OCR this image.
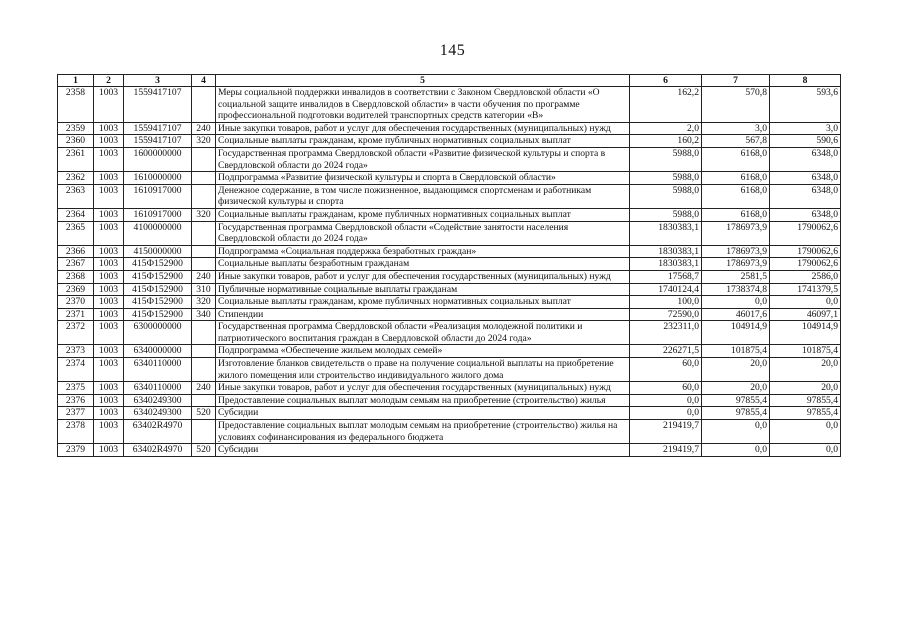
145
1	2	3	4	5	6	7	8
2358	1003	1559417107		Меры социальной поддержки инвалидов в соответствии с Законом Свердловской области «О социальной защите инвалидов в Свердловской области» в части обучения по программе профессиональной подготовки водителей транспортных средств категории «В»	162,2	570,8	593,6
2359	1003	1559417107	240	Иные закупки товаров, работ и услуг для обеспечения государственных (муниципальных) нужд	2,0	3,0	3,0
2360	1003	1559417107	320	Социальные выплаты гражданам, кроме публичных нормативных социальных выплат	160,2	567,8	590,6
2361	1003	1600000000		Государственная программа Свердловской области «Развитие физической культуры и спорта в Свердловской области до 2024 года»	5988,0	6168,0	6348,0
2362	1003	1610000000		Подпрограмма «Развитие физической культуры и спорта в Свердловской области»	5988,0	6168,0	6348,0
2363	1003	1610917000		Денежное содержание, в том числе пожизненное, выдающимся спортсменам и работникам физической культуры и спорта	5988,0	6168,0	6348,0
2364	1003	1610917000	320	Социальные выплаты гражданам, кроме публичных нормативных социальных выплат	5988,0	6168,0	6348,0
2365	1003	4100000000		Государственная программа Свердловской области «Содействие занятости населения Свердловской области до 2024 года»	1830383,1	1786973,9	1790062,6
2366	1003	4150000000		Подпрограмма «Социальная поддержка безработных граждан»	1830383,1	1786973,9	1790062,6
2367	1003	415Ф152900		Социальные выплаты безработным гражданам	1830383,1	1786973,9	1790062,6
2368	1003	415Ф152900	240	Иные закупки товаров, работ и услуг для обеспечения государственных (муниципальных) нужд	17568,7	2581,5	2586,0
2369	1003	415Ф152900	310	Публичные нормативные социальные выплаты гражданам	1740124,4	1738374,8	1741379,5
2370	1003	415Ф152900	320	Социальные выплаты гражданам, кроме публичных нормативных социальных выплат	100,0	0,0	0,0
2371	1003	415Ф152900	340	Стипендии	72590,0	46017,6	46097,1
2372	1003	6300000000		Государственная программа Свердловской области «Реализация молодежной политики и патриотического воспитания граждан в Свердловской области до 2024 года»	232311,0	104914,9	104914,9
2373	1003	6340000000		Подпрограмма «Обеспечение жильем молодых семей»	226271,5	101875,4	101875,4
2374	1003	6340110000		Изготовление бланков свидетельств о праве на получение социальной выплаты на приобретение жилого помещения или строительство индивидуального жилого дома	60,0	20,0	20,0
2375	1003	6340110000	240	Иные закупки товаров, работ и услуг для обеспечения государственных (муниципальных) нужд	60,0	20,0	20,0
2376	1003	6340249300		Предоставление социальных выплат молодым семьям на приобретение (строительство) жилья	0,0	97855,4	97855,4
2377	1003	6340249300	520	Субсидии	0,0	97855,4	97855,4
2378	1003	63402R4970		Предоставление социальных выплат молодым семьям на приобретение (строительство) жилья на условиях софинансирования из федерального бюджета	219419,7	0,0	0,0
2379	1003	63402R4970	520	Субсидии	219419,7	0,0	0,0
